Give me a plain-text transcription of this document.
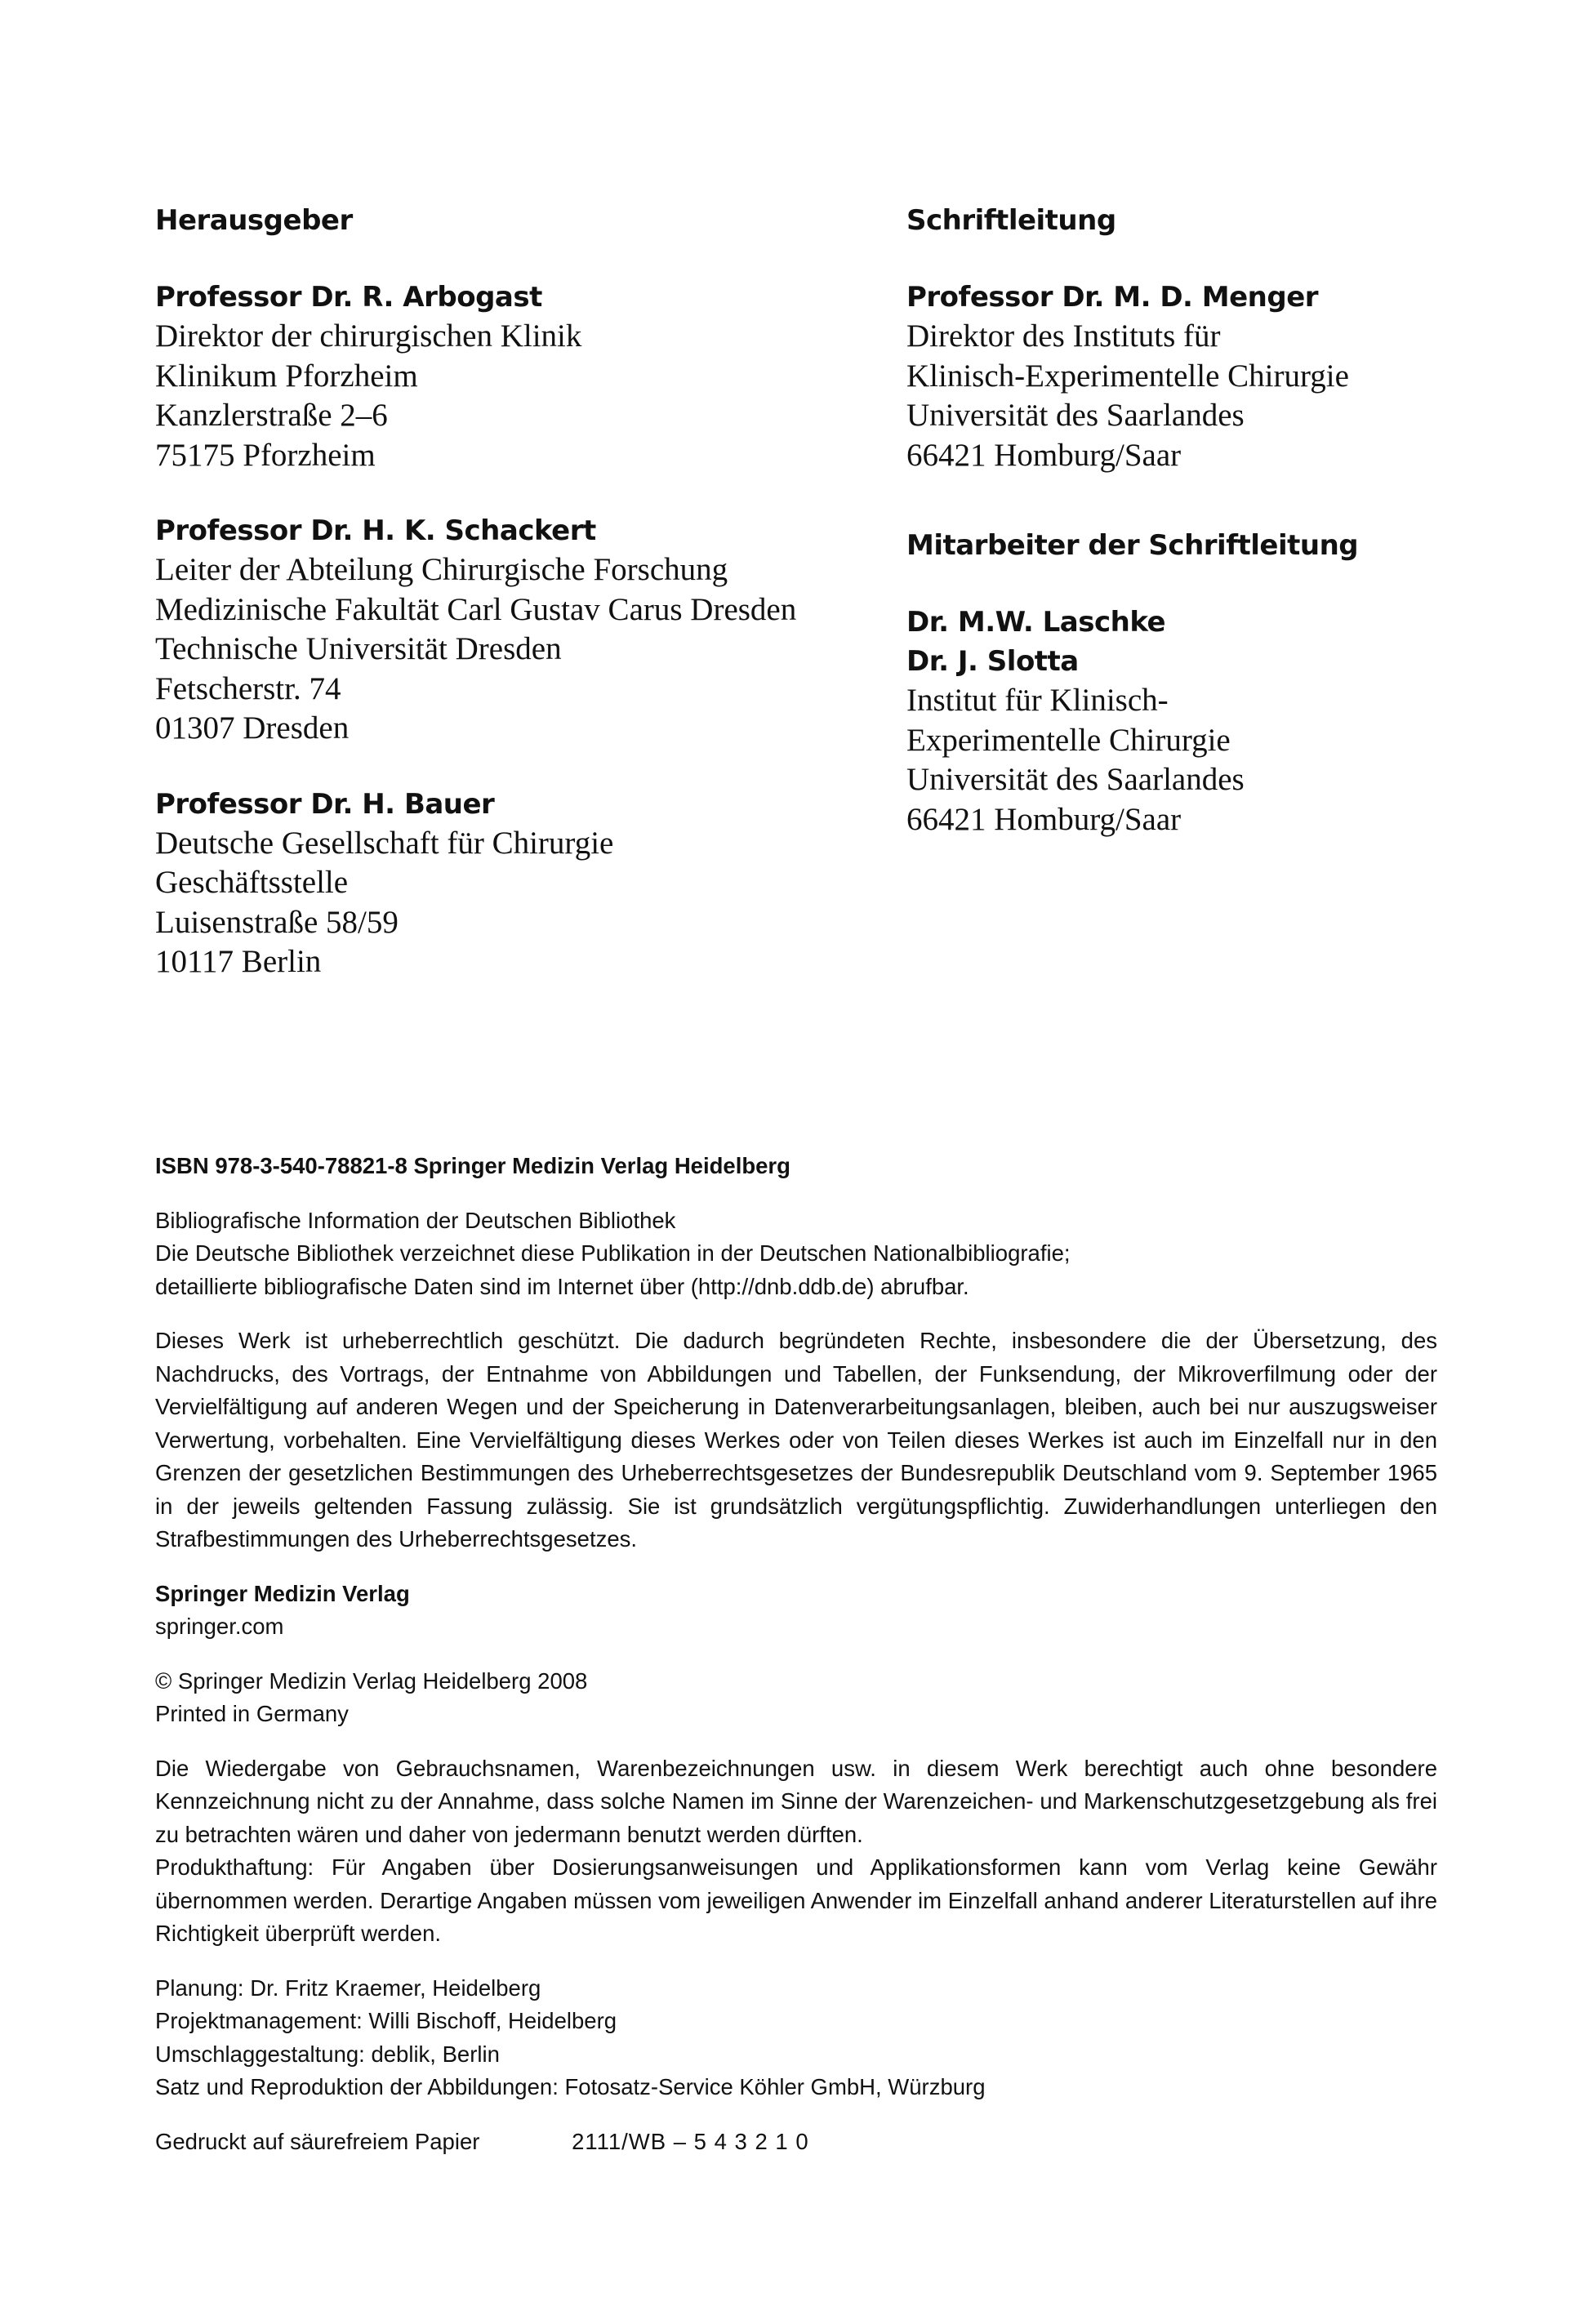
Herausgeber
Professor Dr. R. Arbogast
Direktor der chirurgischen Klinik
Klinikum Pforzheim
Kanzlerstraße 2–6
75175 Pforzheim
Professor Dr. H. K. Schackert
Leiter der Abteilung Chirurgische Forschung
Medizinische Fakultät Carl Gustav Carus Dresden
Technische Universität Dresden
Fetscherstr. 74
01307 Dresden
Professor Dr. H. Bauer
Deutsche Gesellschaft für Chirurgie
Geschäftsstelle
Luisenstraße 58/59
10117 Berlin
Schriftleitung
Professor Dr. M. D. Menger
Direktor des Instituts für
Klinisch-Experimentelle Chirurgie
Universität des Saarlandes
66421 Homburg/Saar
Mitarbeiter der Schriftleitung
Dr. M.W. Laschke
Dr. J. Slotta
Institut für Klinisch-
Experimentelle Chirurgie
Universität des Saarlandes
66421 Homburg/Saar

ISBN 978-3-540-78821-8 Springer Medizin Verlag Heidelberg

Bibliografische Information der Deutschen Bibliothek

Die Deutsche Bibliothek verzeichnet diese Publikation in der Deutschen Nationalbibliografie;

detaillierte bibliografische Daten sind im Internet über (http://dnb.ddb.de) abrufbar.

Dieses Werk ist urheberrechtlich geschützt. Die dadurch begründeten Rechte, insbesondere die der Übersetzung, des Nachdrucks, des Vortrags, der Entnahme von Abbildungen und Tabellen, der Funksendung, der Mikroverfilmung oder der Vervielfältigung auf anderen Wegen und der Speicherung in Datenverarbeitungsanlagen, bleiben, auch bei nur auszugsweiser Verwertung, vorbehalten. Eine Vervielfältigung dieses Werkes oder von Teilen dieses Werkes ist auch im Einzelfall nur in den Grenzen der gesetzlichen Bestimmungen des Urheberrechtsgesetzes der Bundesrepublik Deutschland vom 9. September 1965 in der jeweils geltenden Fassung zulässig. Sie ist grundsätzlich vergütungspflichtig. Zuwiderhandlungen unterliegen den Strafbestimmungen des Urheberrechtsgesetzes.

Springer Medizin Verlag

springer.com

© Springer Medizin Verlag Heidelberg 2008

Printed in Germany

Die Wiedergabe von Gebrauchsnamen, Warenbezeichnungen usw. in diesem Werk berechtigt auch ohne besondere Kennzeichnung nicht zu der Annahme, dass solche Namen im Sinne der Warenzeichen- und Markenschutzgesetzgebung als frei zu betrachten wären und daher von jedermann benutzt werden dürften.

Produkthaftung: Für Angaben über Dosierungsanweisungen und Applikationsformen kann vom Verlag keine Gewähr übernommen werden. Derartige Angaben müssen vom jeweiligen Anwender im Einzelfall anhand anderer Literaturstellen auf ihre Richtigkeit überprüft werden.

Planung: Dr. Fritz Kraemer, Heidelberg

Projektmanagement: Willi Bischoff, Heidelberg

Umschlaggestaltung: deblik, Berlin

Satz und Reproduktion der Abbildungen: Fotosatz-Service Köhler GmbH, Würzburg

Gedruckt auf säurefreiem Papier	2111/WB – 5 4 3 2 1 0
